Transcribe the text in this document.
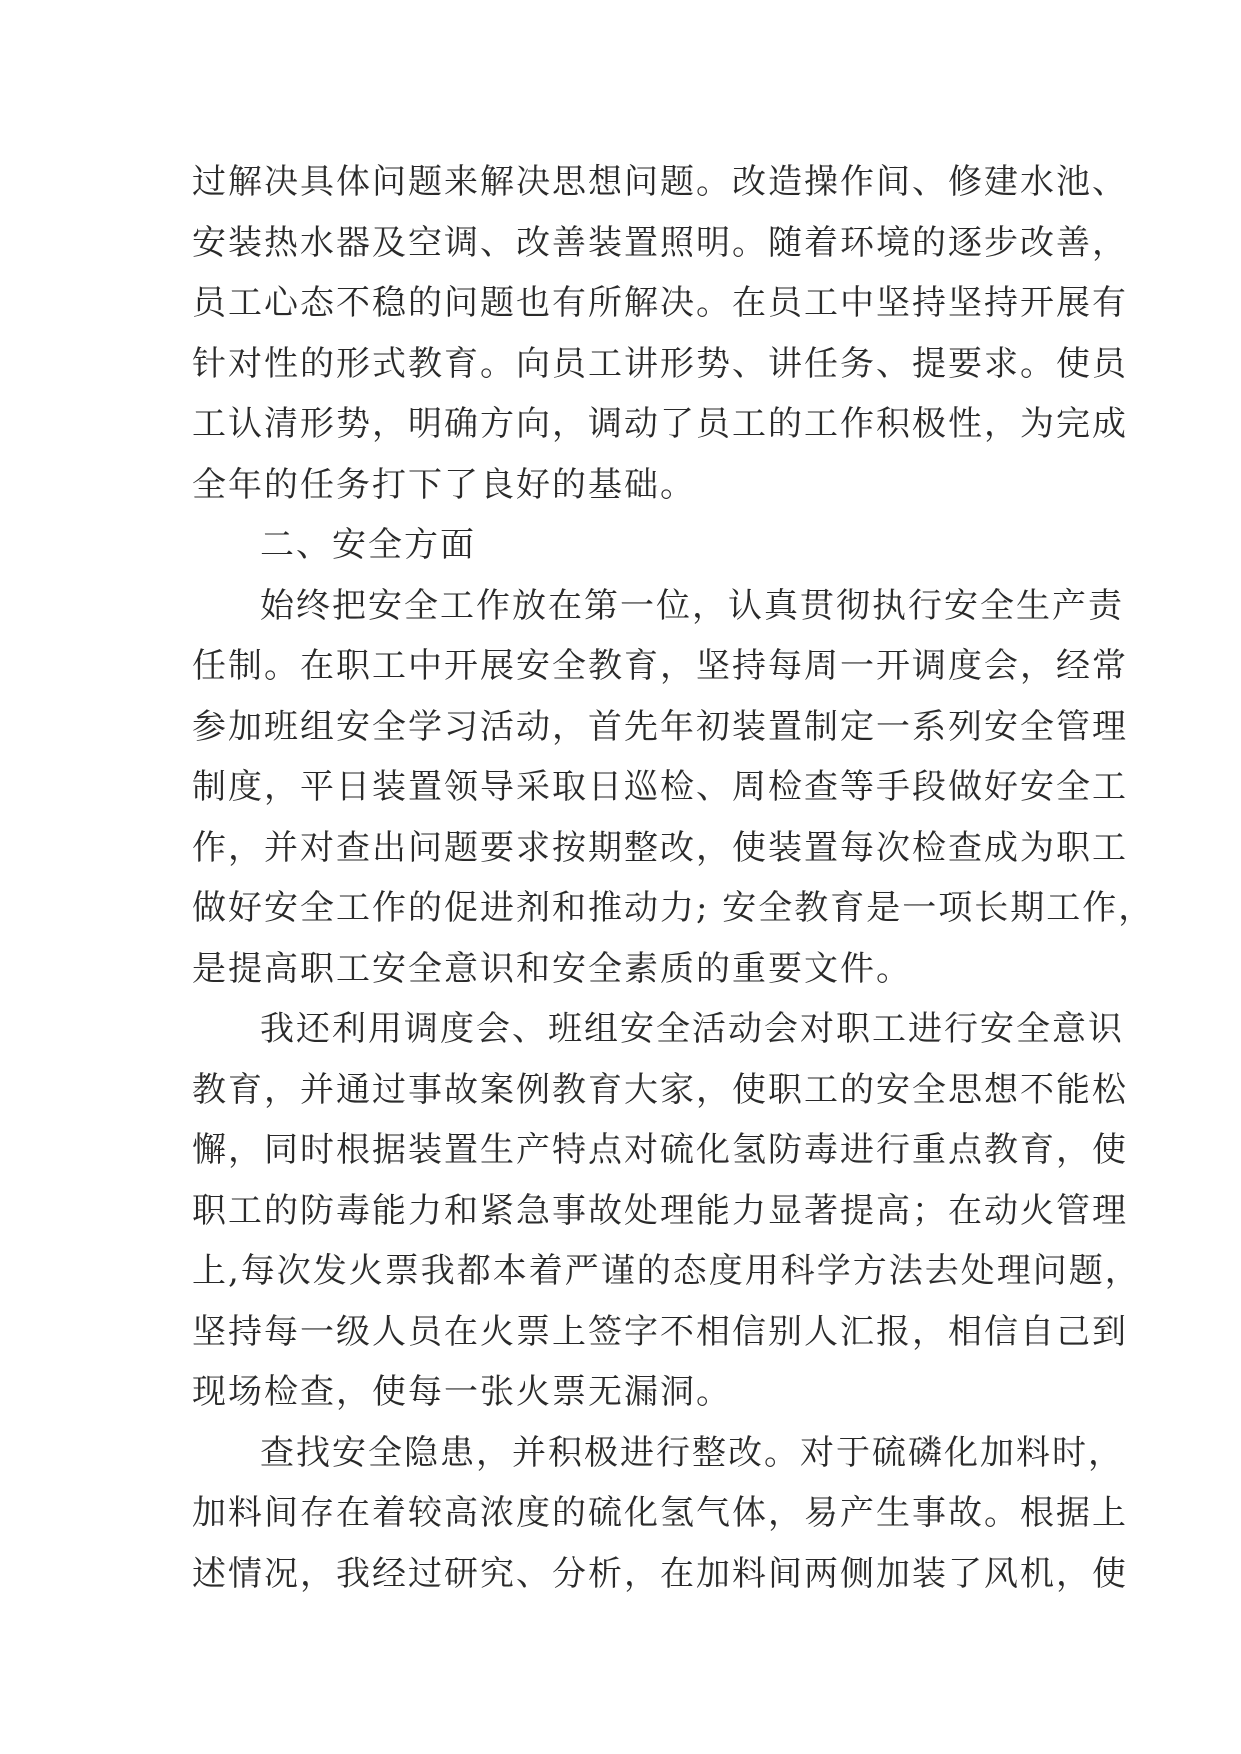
过解决具体问题来解决思想问题。改造操作间、修建水池、
安装热水器及空调、改善装置照明。随着环境的逐步改善，
员工心态不稳的问题也有所解决。在员工中坚持坚持开展有
针对性的形式教育。向员工讲形势、讲任务、提要求。使员
工认清形势，明确方向，调动了员工的工作积极性，为完成
全年的任务打下了良好的基础。
二、安全方面
始终把安全工作放在第一位，认真贯彻执行安全生产责
任制。在职工中开展安全教育，坚持每周一开调度会，经常
参加班组安全学习活动，首先年初装置制定一系列安全管理
制度，平日装置领导采取日巡检、周检查等手段做好安全工
作，并对查出问题要求按期整改，使装置每次检查成为职工
做好安全工作的促进剂和推动力; 安全教育是一项长期工作，
是提高职工安全意识和安全素质的重要文件。
我还利用调度会、班组安全活动会对职工进行安全意识
教育，并通过事故案例教育大家，使职工的安全思想不能松
懈，同时根据装置生产特点对硫化氢防毒进行重点教育，使
职工的防毒能力和紧急事故处理能力显著提高；在动火管理
上,每次发火票我都本着严谨的态度用科学方法去处理问题，
坚持每一级人员在火票上签字不相信别人汇报，相信自己到
现场检查，使每一张火票无漏洞。
查找安全隐患，并积极进行整改。对于硫磷化加料时，
加料间存在着较高浓度的硫化氢气体，易产生事故。根据上
述情况，我经过研究、分析，在加料间两侧加装了风机，使
